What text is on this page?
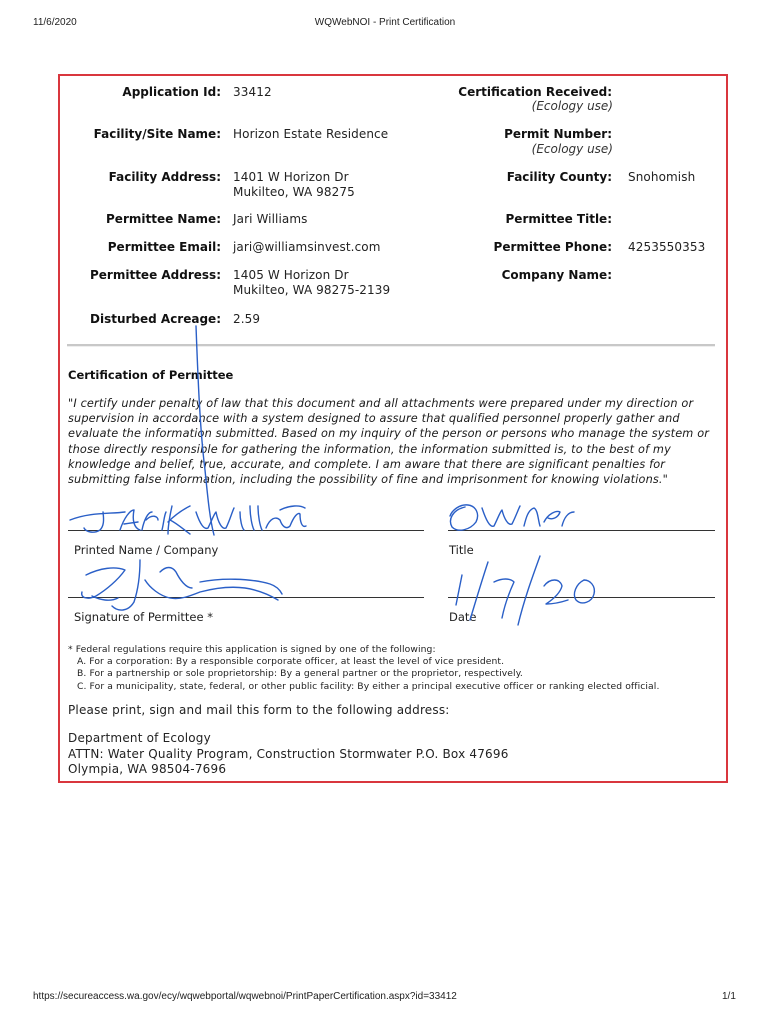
11/6/2020	WQWebNOI - Print Certification
https://secureaccess.wa.gov/ecy/wqwebportal/wqwebnoi/PrintPaperCertification.aspx?id=33412	1/1
Application Id: 33412
Facility/Site Name: Horizon Estate Residence
Facility Address: 1401 W Horizon Dr
Mukilteo, WA 98275
Permittee Name: Jari Williams
Permittee Email: jari@williamsinvest.com
Permittee Address: 1405 W Horizon Dr
Mukilteo, WA 98275-2139
Disturbed Acreage: 2.59
Certification Received:
(Ecology use)
Permit Number:
(Ecology use)
Facility County: Snohomish
Permittee Title:
Permittee Phone: 4253550353
Company Name:
Certification of Permittee
"I certify under penalty of law that this document and all attachments were prepared under my direction or supervision in accordance with a system designed to assure that qualified personnel properly gather and evaluate the information submitted. Based on my inquiry of the person or persons who manage the system or those directly responsible for gathering the information, the information submitted is, to the best of my knowledge and belief, true, accurate, and complete. I am aware that there are significant penalties for submitting false information, including the possibility of fine and imprisonment for knowing violations."
Printed Name / Company	Title
Signature of Permittee *	Date
* Federal regulations require this application is signed by one of the following:
A. For a corporation: By a responsible corporate officer, at least the level of vice president.
B. For a partnership or sole proprietorship: By a general partner or the proprietor, respectively.
C. For a municipality, state, federal, or other public facility: By either a principal executive officer or ranking elected official.
Please print, sign and mail this form to the following address:
Department of Ecology
ATTN: Water Quality Program, Construction Stormwater P.O. Box 47696
Olympia, WA 98504-7696
